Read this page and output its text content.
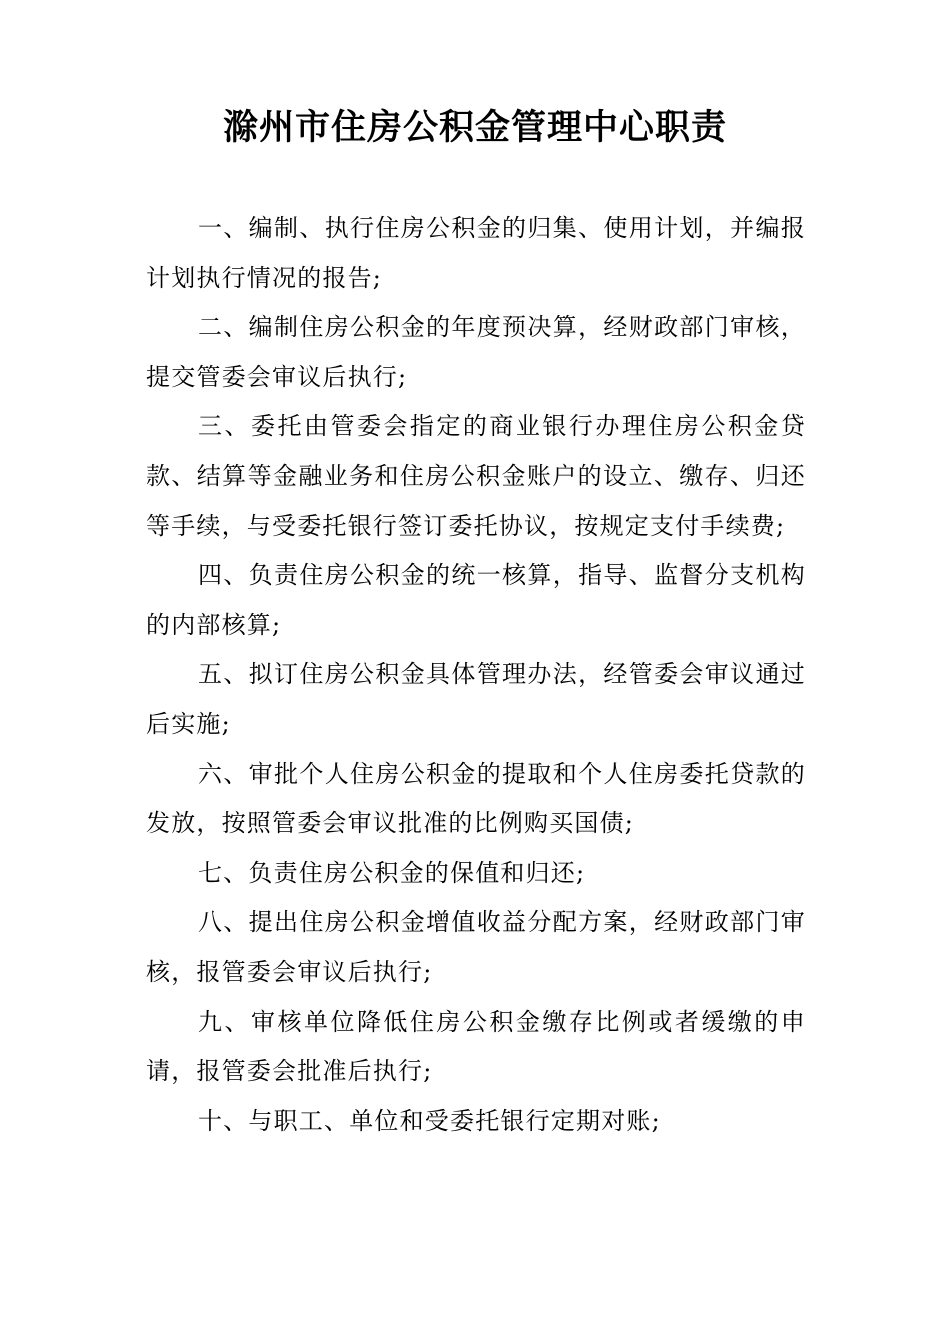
滁州市住房公积金管理中心职责

一、编制、执行住房公积金的归集、使用计划，并编报计划执行情况的报告;

二、编制住房公积金的年度预决算，经财政部门审核，提交管委会审议后执行;

三、委托由管委会指定的商业银行办理住房公积金贷款、结算等金融业务和住房公积金账户的设立、缴存、归还等手续，与受委托银行签订委托协议，按规定支付手续费;

四、负责住房公积金的统一核算，指导、监督分支机构的内部核算;

五、拟订住房公积金具体管理办法，经管委会审议通过后实施;

六、审批个人住房公积金的提取和个人住房委托贷款的发放，按照管委会审议批准的比例购买国债;

七、负责住房公积金的保值和归还;

八、提出住房公积金增值收益分配方案，经财政部门审核，报管委会审议后执行;

九、审核单位降低住房公积金缴存比例或者缓缴的申请，报管委会批准后执行;

十、与职工、单位和受委托银行定期对账;
